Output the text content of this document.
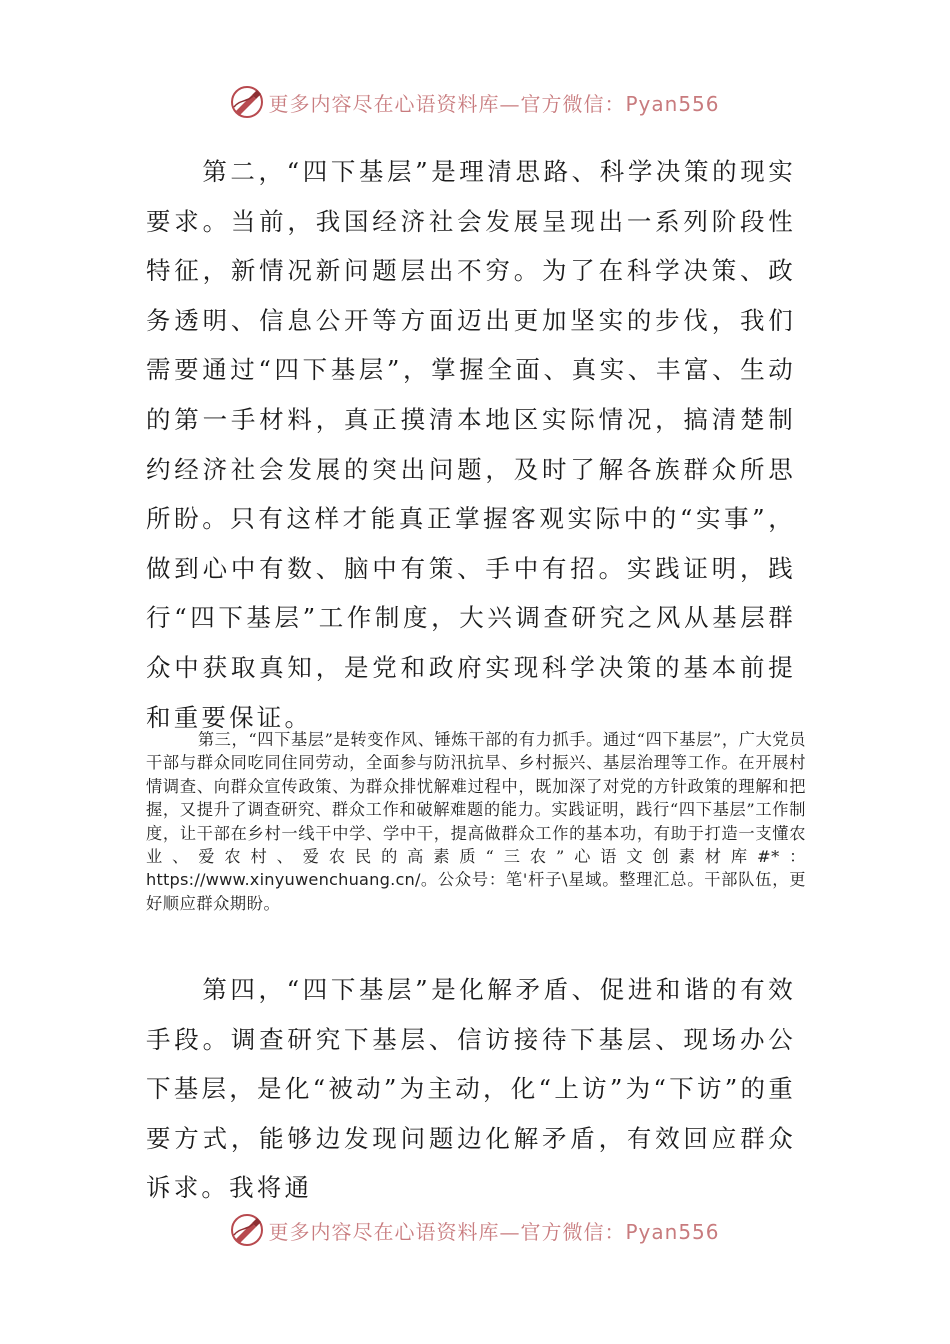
更多内容尽在心语资料库—官方微信：Pyan556

第二，“四下基层”是理清思路、科学决策的现实要求。当前，我国经济社会发展呈现出一系列阶段性特征，新情况新问题层出不穷。为了在科学决策、政务透明、信息公开等方面迈出更加坚实的步伐，我们需要通过“四下基层”，掌握全面、真实、丰富、生动的第一手材料，真正摸清本地区实际情况，搞清楚制约经济社会发展的突出问题，及时了解各族群众所思所盼。只有这样才能真正掌握客观实际中的“实事”，做到心中有数、脑中有策、手中有招。实践证明，践行“四下基层”工作制度，大兴调查研究之风从基层群众中获取真知，是党和政府实现科学决策的基本前提和重要保证。

第三，“四下基层”是转变作风、锤炼干部的有力抓手。通过“四下基层”，广大党员干部与群众同吃同住同劳动，全面参与防汛抗旱、乡村振兴、基层治理等工作。在开展村情调查、向群众宣传政策、为群众排忧解难过程中，既加深了对党的方针政策的理解和把握，又提升了调查研究、群众工作和破解难题的能力。实践证明，践行“四下基层”工作制度，让干部在乡村一线干中学、学中干，提高做群众工作的基本功，有助于打造一支懂农业、爱农村、爱农民的高素质“三农”心语文创素材库#*：https://www.xinyuwenchuang.cn/。公众号：笔'杆子\星域。整理汇总。干部队伍，更好顺应群众期盼。

第四，“四下基层”是化解矛盾、促进和谐的有效手段。调查研究下基层、信访接待下基层、现场办公下基层，是化“被动”为主动，化“上访”为“下访”的重要方式，能够边发现问题边化解矛盾，有效回应群众诉求。我将通

更多内容尽在心语资料库—官方微信：Pyan556
